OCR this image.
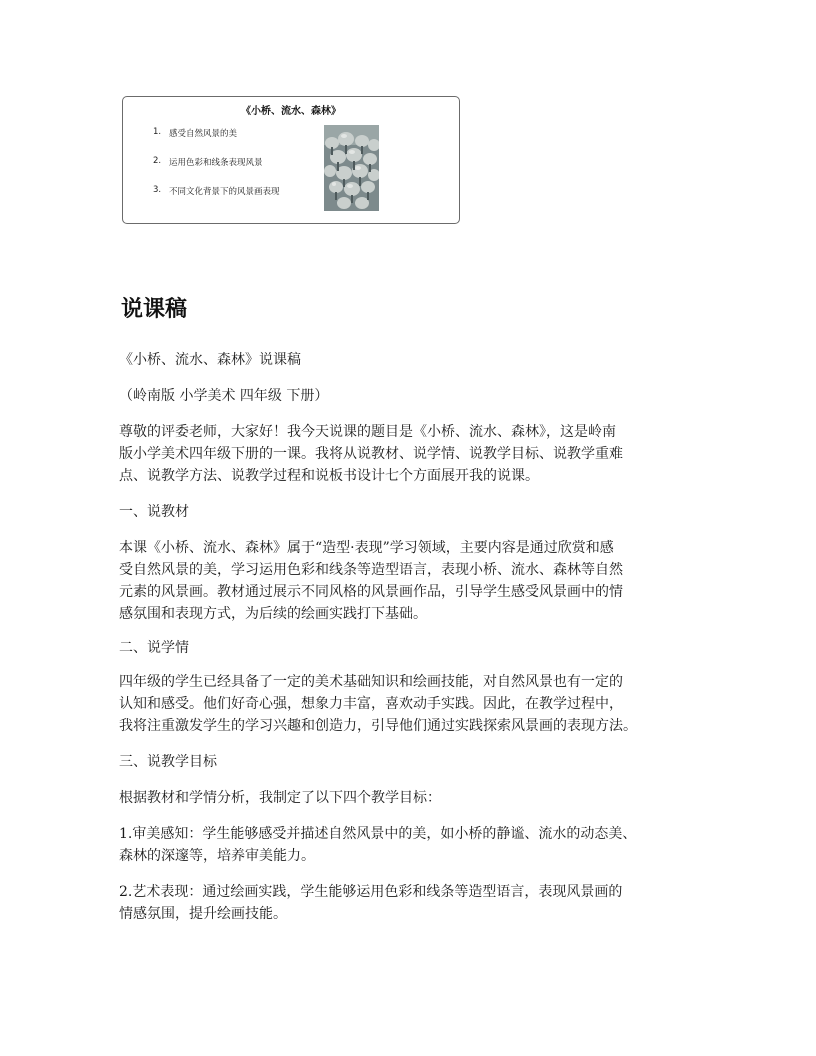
《小桥、流水、森林》
1. 感受自然风景的美
2. 运用色彩和线条表现风景
3. 不同文化背景下的风景画表现
说课稿

《小桥、流水、森林》说课稿

（岭南版 小学美术 四年级 下册）

尊敬的评委老师，大家好！我今天说课的题目是《小桥、流水、森林》，这是岭南
版小学美术四年级下册的一课。我将从说教材、说学情、说教学目标、说教学重难
点、说教学方法、说教学过程和说板书设计七个方面展开我的说课。

一、说教材

本课《小桥、流水、森林》属于“造型·表现”学习领域，主要内容是通过欣赏和感
受自然风景的美，学习运用色彩和线条等造型语言，表现小桥、流水、森林等自然
元素的风景画。教材通过展示不同风格的风景画作品，引导学生感受风景画中的情
感氛围和表现方式，为后续的绘画实践打下基础。

二、说学情

四年级的学生已经具备了一定的美术基础知识和绘画技能，对自然风景也有一定的
认知和感受。他们好奇心强，想象力丰富，喜欢动手实践。因此，在教学过程中，
我将注重激发学生的学习兴趣和创造力，引导他们通过实践探索风景画的表现方法。

三、说教学目标

根据教材和学情分析，我制定了以下四个教学目标：

1.审美感知：学生能够感受并描述自然风景中的美，如小桥的静谧、流水的动态美、
森林的深邃等，培养审美能力。

2.艺术表现：通过绘画实践，学生能够运用色彩和线条等造型语言，表现风景画的
情感氛围，提升绘画技能。
